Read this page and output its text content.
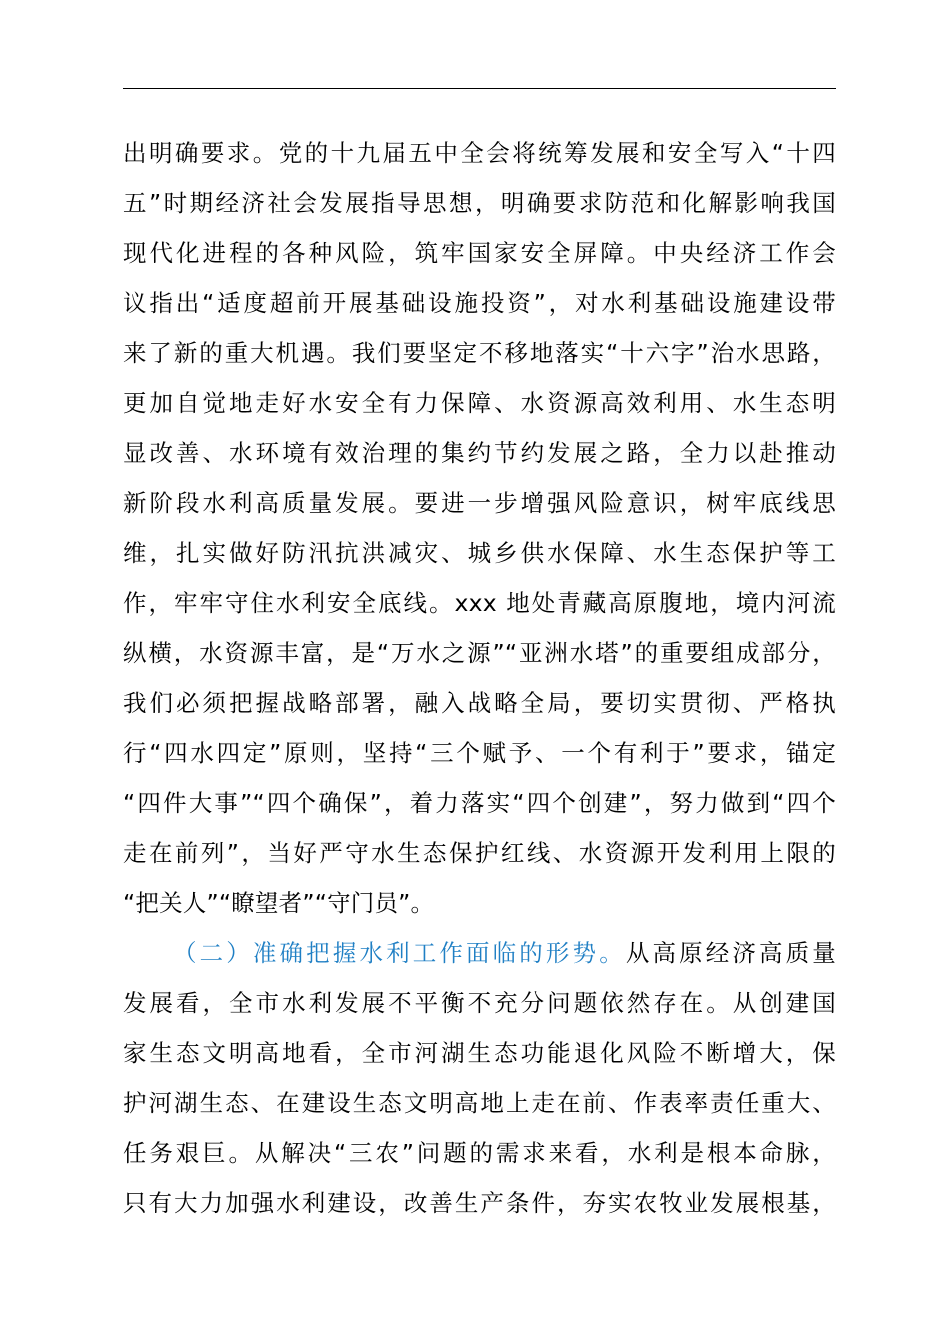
出明确要求。党的十九届五中全会将统筹发展和安全写入“十四
五”时期经济社会发展指导思想，明确要求防范和化解影响我国
现代化进程的各种风险，筑牢国家安全屏障。中央经济工作会
议指出“适度超前开展基础设施投资”，对水利基础设施建设带
来了新的重大机遇。我们要坚定不移地落实“十六字”治水思路，
更加自觉地走好水安全有力保障、水资源高效利用、水生态明
显改善、水环境有效治理的集约节约发展之路，全力以赴推动
新阶段水利高质量发展。要进一步增强风险意识，树牢底线思
维，扎实做好防汛抗洪减灾、城乡供水保障、水生态保护等工
作，牢牢守住水利安全底线。xxx 地处青藏高原腹地，境内河流
纵横，水资源丰富，是“万水之源”“亚洲水塔”的重要组成部分，
我们必须把握战略部署，融入战略全局，要切实贯彻、严格执
行“四水四定”原则，坚持“三个赋予、一个有利于”要求，锚定
“四件大事”“四个确保”，着力落实“四个创建”，努力做到“四个
走在前列”，当好严守水生态保护红线、水资源开发利用上限的
“把关人”“瞭望者”“守门员”。
（二）准确把握水利工作面临的形势。从高原经济高质量
发展看，全市水利发展不平衡不充分问题依然存在。从创建国
家生态文明高地看，全市河湖生态功能退化风险不断增大，保
护河湖生态、在建设生态文明高地上走在前、作表率责任重大、
任务艰巨。从解决“三农”问题的需求来看，水利是根本命脉，
只有大力加强水利建设，改善生产条件，夯实农牧业发展根基，
